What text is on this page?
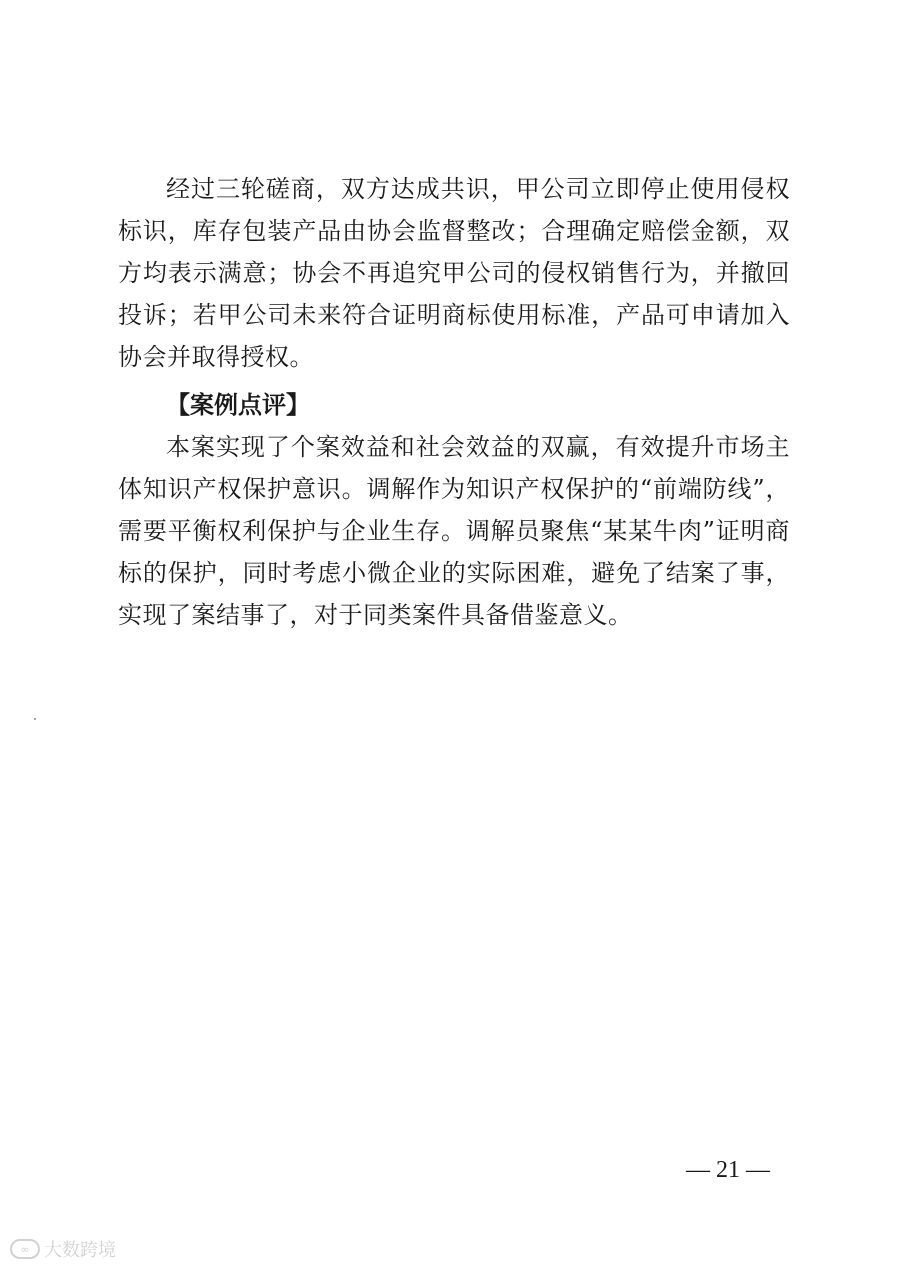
经过三轮磋商，双方达成共识，甲公司立即停止使用侵权标识，库存包装产品由协会监督整改；合理确定赔偿金额，双方均表示满意；协会不再追究甲公司的侵权销售行为，并撤回投诉；若甲公司未来符合证明商标使用标准，产品可申请加入协会并取得授权。

【案例点评】

本案实现了个案效益和社会效益的双赢，有效提升市场主体知识产权保护意识。调解作为知识产权保护的“前端防线”，需要平衡权利保护与企业生存。调解员聚焦“某某牛肉”证明商标的保护，同时考虑小微企业的实际困难，避免了结案了事，实现了案结事了，对于同类案件具备借鉴意义。

— 21 —
∞ 大数跨境
